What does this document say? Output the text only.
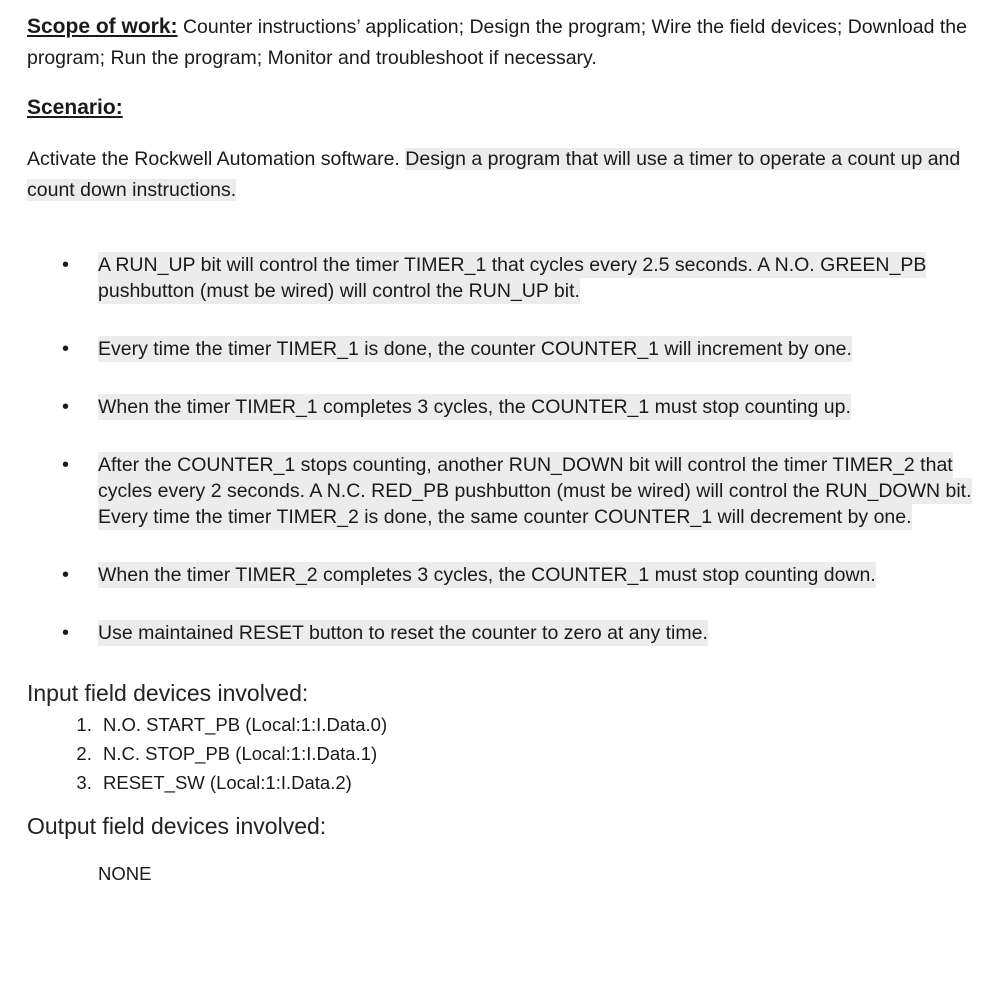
Scope of work: Counter instructions’ application; Design the program; Wire the field devices; Download the program; Run the program; Monitor and troubleshoot if necessary.

Scenario:

Activate the Rockwell Automation software. Design a program that will use a timer to operate a count up and count down instructions.

• A RUN_UP bit will control the timer TIMER_1 that cycles every 2.5 seconds. A N.O. GREEN_PB pushbutton (must be wired) will control the RUN_UP bit.
• Every time the timer TIMER_1 is done, the counter COUNTER_1 will increment by one.
• When the timer TIMER_1 completes 3 cycles, the COUNTER_1 must stop counting up.
• After the COUNTER_1 stops counting, another RUN_DOWN bit will control the timer TIMER_2 that cycles every 2 seconds. A N.C. RED_PB pushbutton (must be wired) will control the RUN_DOWN bit. Every time the timer TIMER_2 is done, the same counter COUNTER_1 will decrement by one.
• When the timer TIMER_2 completes 3 cycles, the COUNTER_1 must stop counting down.
• Use maintained RESET button to reset the counter to zero at any time.

Input field devices involved:

1. N.O. START_PB (Local:1:I.Data.0)
2. N.C. STOP_PB (Local:1:I.Data.1)
3. RESET_SW (Local:1:I.Data.2)

Output field devices involved:

NONE
